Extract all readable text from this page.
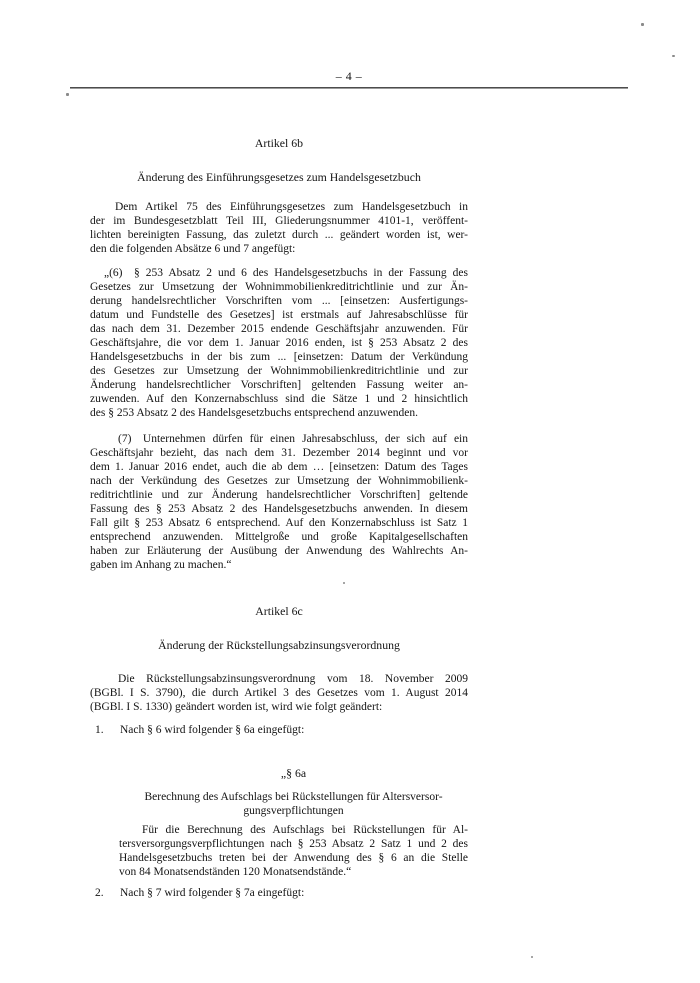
– 4 –
Artikel 6b
Änderung des Einführungsgesetzes zum Handelsgesetzbuch
Dem Artikel 75 des Einführungsgesetzes zum Handelsgesetzbuch in
der im Bundesgesetzblatt Teil III, Gliederungsnummer 4101-1, veröffent-
lichten bereinigten Fassung, das zuletzt durch ... geändert worden ist, wer-
den die folgenden Absätze 6 und 7 angefügt:
„(6) § 253 Absatz 2 und 6 des Handelsgesetzbuchs in der Fassung des
Gesetzes zur Umsetzung der Wohnimmobilienkreditrichtlinie und zur Än-
derung handelsrechtlicher Vorschriften vom ... [einsetzen: Ausfertigungs-
datum und Fundstelle des Gesetzes] ist erstmals auf Jahresabschlüsse für
das nach dem 31. Dezember 2015 endende Geschäftsjahr anzuwenden. Für
Geschäftsjahre, die vor dem 1. Januar 2016 enden, ist § 253 Absatz 2 des
Handelsgesetzbuchs in der bis zum ... [einsetzen: Datum der Verkündung
des Gesetzes zur Umsetzung der Wohnimmobilienkreditrichtlinie und zur
Änderung handelsrechtlicher Vorschriften] geltenden Fassung weiter an-
zuwenden. Auf den Konzernabschluss sind die Sätze 1 und 2 hinsichtlich
des § 253 Absatz 2 des Handelsgesetzbuchs entsprechend anzuwenden.
(7) Unternehmen dürfen für einen Jahresabschluss, der sich auf ein
Geschäftsjahr bezieht, das nach dem 31. Dezember 2014 beginnt und vor
dem 1. Januar 2016 endet, auch die ab dem … [einsetzen: Datum des Tages
nach der Verkündung des Gesetzes zur Umsetzung der Wohnimmobilienk-
reditrichtlinie und zur Änderung handelsrechtlicher Vorschriften] geltende
Fassung des § 253 Absatz 2 des Handelsgesetzbuchs anwenden. In diesem
Fall gilt § 253 Absatz 6 entsprechend. Auf den Konzernabschluss ist Satz 1
entsprechend anzuwenden. Mittelgroße und große Kapitalgesellschaften
haben zur Erläuterung der Ausübung der Anwendung des Wahlrechts An-
gaben im Anhang zu machen.“
Artikel 6c
Änderung der Rückstellungsabzinsungsverordnung
Die Rückstellungsabzinsungsverordnung vom 18. November 2009
(BGBl. I S. 3790), die durch Artikel 3 des Gesetzes vom 1. August 2014
(BGBl. I S. 1330) geändert worden ist, wird wie folgt geändert:
1. Nach § 6 wird folgender § 6a eingefügt:
„§ 6a
Berechnung des Aufschlags bei Rückstellungen für Altersversor-
gungsverpflichtungen
Für die Berechnung des Aufschlags bei Rückstellungen für Al-
tersversorgungsverpflichtungen nach § 253 Absatz 2 Satz 1 und 2 des
Handelsgesetzbuchs treten bei der Anwendung des § 6 an die Stelle
von 84 Monatsendständen 120 Monatsendstände.“
2. Nach § 7 wird folgender § 7a eingefügt:
